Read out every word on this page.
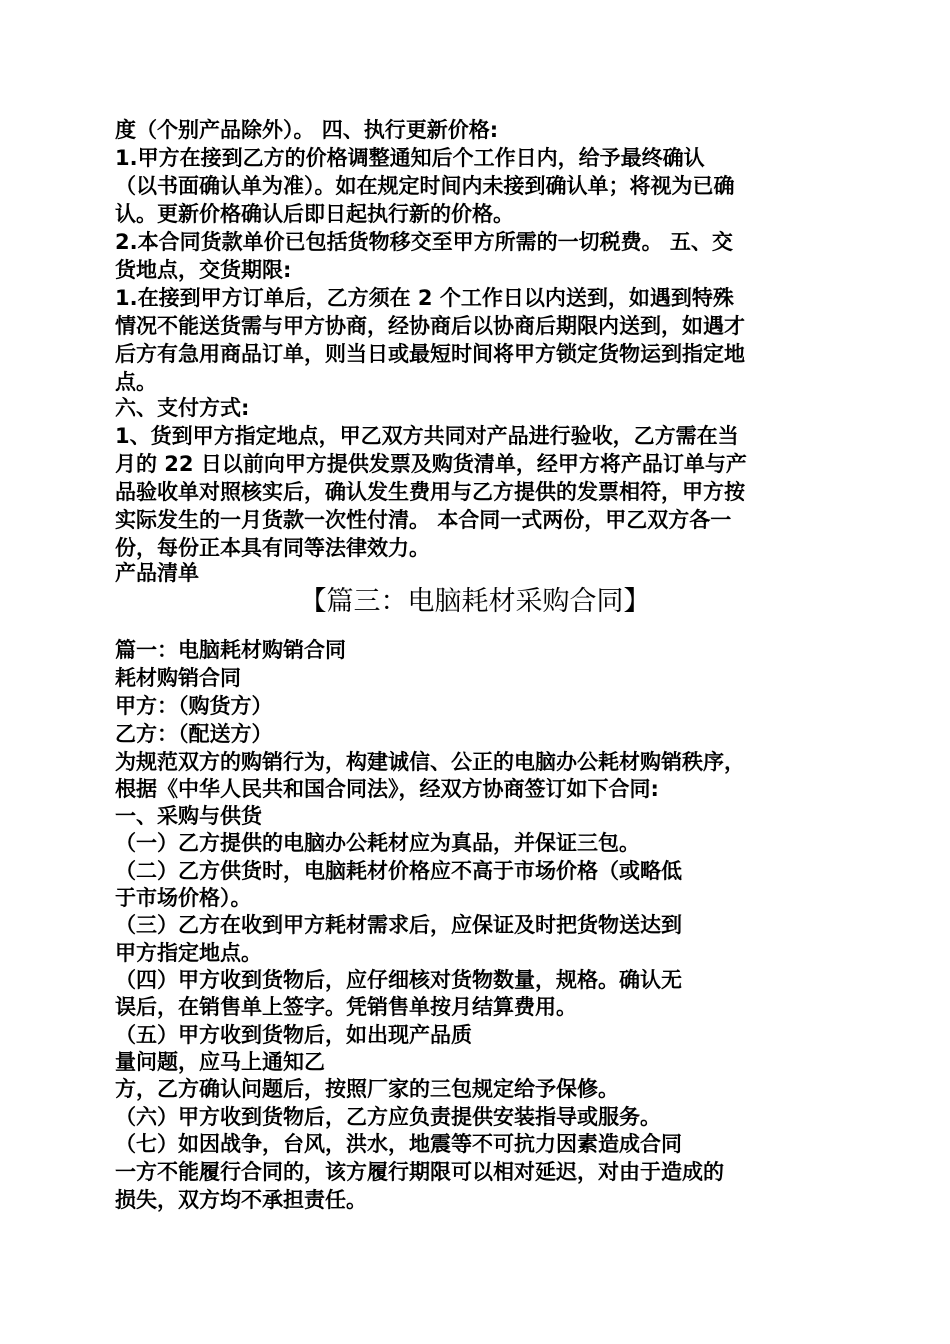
度（个别产品除外）。 四、执行更新价格:
1.甲方在接到乙方的价格调整通知后个工作日内，给予最终确认
（以书面确认单为准）。如在规定时间内未接到确认单；将视为已确
认。更新价格确认后即日起执行新的价格。
2.本合同货款单价已包括货物移交至甲方所需的一切税费。 五、交
货地点，交货期限:
1.在接到甲方订单后，乙方须在 2 个工作日以内送到，如遇到特殊
情况不能送货需与甲方协商，经协商后以协商后期限内送到，如遇才
后方有急用商品订单，则当日或最短时间将甲方锁定货物运到指定地
点。
六、支付方式:
1、货到甲方指定地点，甲乙双方共同对产品进行验收，乙方需在当
月的 22 日以前向甲方提供发票及购货清单，经甲方将产品订单与产
品验收单对照核实后，确认发生费用与乙方提供的发票相符，甲方按
实际发生的一月货款一次性付清。 本合同一式两份，甲乙双方各一
份，每份正本具有同等法律效力。
产品清单
【篇三：电脑耗材采购合同】
篇一：电脑耗材购销合同
耗材购销合同
甲方：（购货方）
乙方：（配送方）
为规范双方的购销行为，构建诚信、公正的电脑办公耗材购销秩序，
根据《中华人民共和国合同法》，经双方协商签订如下合同:
一、采购与供货
（一）乙方提供的电脑办公耗材应为真品，并保证三包。
（二）乙方供货时，电脑耗材价格应不高于市场价格（或略低
于市场价格）。
（三）乙方在收到甲方耗材需求后，应保证及时把货物送达到
甲方指定地点。
（四）甲方收到货物后，应仔细核对货物数量，规格。确认无
误后，在销售单上签字。凭销售单按月结算费用。
（五）甲方收到货物后，如出现产品质
量问题，应马上通知乙
方，乙方确认问题后，按照厂家的三包规定给予保修。
（六）甲方收到货物后，乙方应负责提供安装指导或服务。
（七）如因战争，台风，洪水，地震等不可抗力因素造成合同
一方不能履行合同的，该方履行期限可以相对延迟，对由于造成的
损失，双方均不承担责任。
